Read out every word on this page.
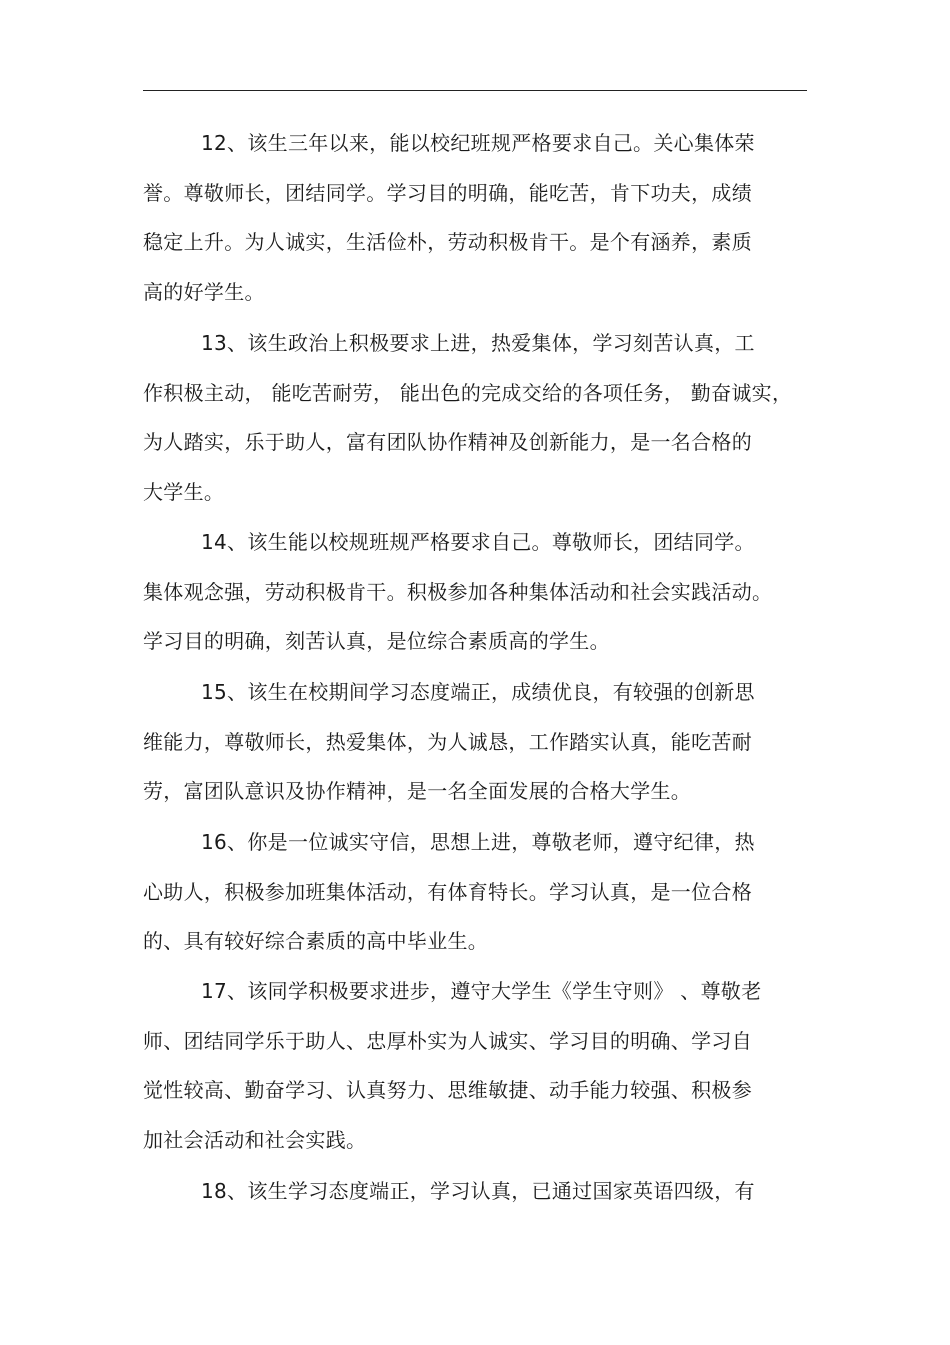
12、该生三年以来，能以校纪班规严格要求自己。关心集体荣
誉。尊敬师长，团结同学。学习目的明确，能吃苦，肯下功夫，成绩
稳定上升。为人诚实，生活俭朴，劳动积极肯干。是个有涵养，素质
高的好学生。
13、该生政治上积极要求上进，热爱集体，学习刻苦认真，工
作积极主动， 能吃苦耐劳， 能出色的完成交给的各项任务， 勤奋诚实，
为人踏实，乐于助人，富有团队协作精神及创新能力，是一名合格的
大学生。
14、该生能以校规班规严格要求自己。尊敬师长，团结同学。
集体观念强，劳动积极肯干。积极参加各种集体活动和社会实践活动。
学习目的明确，刻苦认真，是位综合素质高的学生。
15、该生在校期间学习态度端正，成绩优良，有较强的创新思
维能力，尊敬师长，热爱集体，为人诚恳，工作踏实认真，能吃苦耐
劳，富团队意识及协作精神，是一名全面发展的合格大学生。
16、你是一位诚实守信，思想上进，尊敬老师，遵守纪律，热
心助人，积极参加班集体活动，有体育特长。学习认真，是一位合格
的、具有较好综合素质的高中毕业生。
17、该同学积极要求进步，遵守大学生《学生守则》 、尊敬老
师、团结同学乐于助人、忠厚朴实为人诚实、学习目的明确、学习自
觉性较高、勤奋学习、认真努力、思维敏捷、动手能力较强、积极参
加社会活动和社会实践。
18、该生学习态度端正，学习认真，已通过国家英语四级，有
